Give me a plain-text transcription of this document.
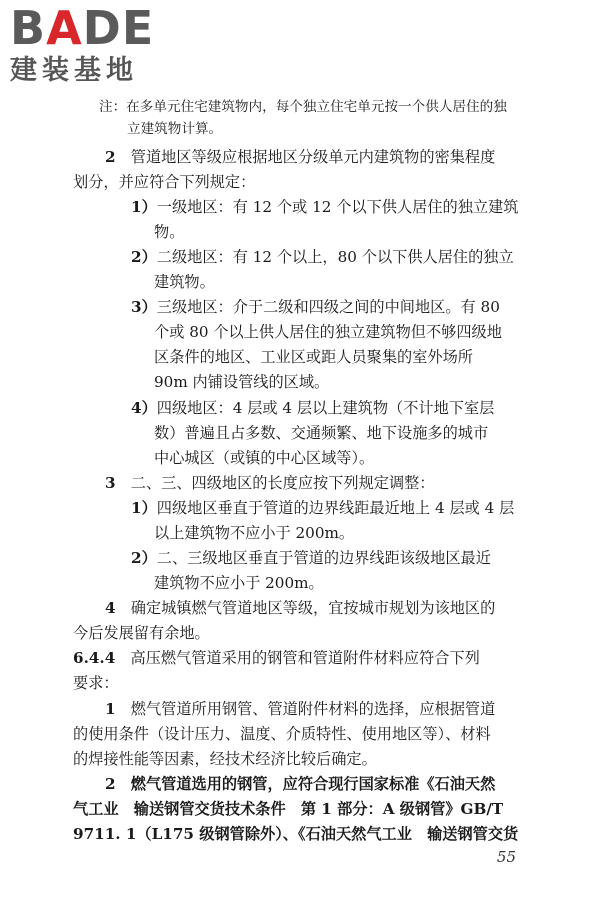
BADE
建装基地
注：在多单元住宅建筑物内，每个独立住宅单元按一个供人居住的独
立建筑物计算。
2　 管道地区等级应根据地区分级单元内建筑物的密集程度
划分，并应符合下列规定：
1）一级地区：有 12 个或 12 个以下供人居住的独立建筑
物。
2）二级地区：有 12 个以上，80 个以下供人居住的独立
建筑物。
3）三级地区：介于二级和四级之间的中间地区。有 80
个或 80 个以上供人居住的独立建筑物但不够四级地
区条件的地区、工业区或距人员聚集的室外场所
90m 内铺设管线的区域。
4）四级地区：4 层或 4 层以上建筑物（不计地下室层
数）普遍且占多数、交通频繁、地下设施多的城市
中心城区（或镇的中心区域等）。
3　 二、三、四级地区的长度应按下列规定调整：
1）四级地区垂直于管道的边界线距最近地上 4 层或 4 层
以上建筑物不应小于 200m。
2）二、三级地区垂直于管道的边界线距该级地区最近
建筑物不应小于 200m。
4　 确定城镇燃气管道地区等级，宜按城市规划为该地区的
今后发展留有余地。
6.4.4　 高压燃气管道采用的钢管和管道附件材料应符合下列
要求：
1　 燃气管道所用钢管、管道附件材料的选择，应根据管道
的使用条件（设计压力、温度、介质特性、使用地区等）、材料
的焊接性能等因素，经技术经济比较后确定。
2　 燃气管道选用的钢管，应符合现行国家标准《石油天然
气工业　输送钢管交货技术条件　第 1 部分：A 级钢管》GB/T
9711. 1（L175 级钢管除外）、《石油天然气工业　输送钢管交货
55
